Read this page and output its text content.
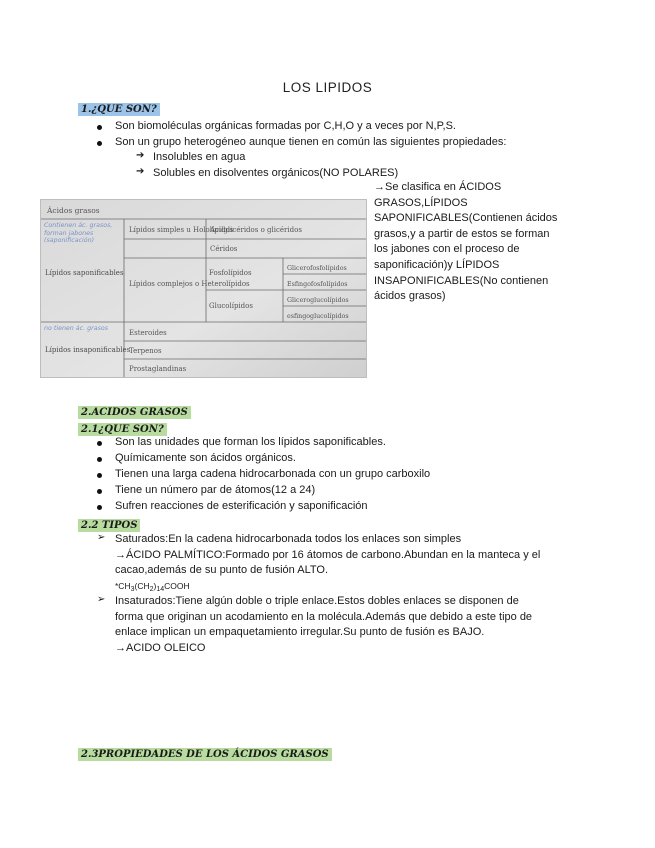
LOS LIPIDOS
1.¿QUE SON?
Son biomoléculas orgánicas formadas por C,H,O y a veces por N,P,S.
Son un grupo heterogéneo aunque tienen en común las siguientes propiedades:
➔ Insolubles en agua
➔ Solubles en disolventes orgánicos(NO POLARES)
→Se clasifica en ÁCIDOS
GRASOS,LÍPIDOS
SAPONIFICABLES(Contienen ácidos
grasos,y a partir de estos se forman
los jabones con el proceso de
saponificación)y LÍPIDOS
INSAPONIFICABLES(No contienen
ácidos grasos)
Ácidos grasos
Lípidos simples u Hololípidos
Acilglicéridos o glicéridos
Céridos
Lípidos complejos o Heterolípidos
Fosfolípidos
Glucolípidos
Glicerofosfolípidos
Esfingofosfolípidos
Gliceroglucolípidos
esfingoglucolípidos
Lípidos saponificables
Lípidos insaponificables
Esteroides
Terpenos
Prostaglandinas
Contienen ác. grasos, forman jabones (saponificación)
no tienen ác. grasos
2.ACIDOS GRASOS
2.1¿QUE SON?
Son las unidades que forman los lípidos saponificables.
Químicamente son ácidos orgánicos.
Tienen una larga cadena hidrocarbonada con un grupo carboxilo
Tiene un número par de átomos(12 a 24)
Sufren reacciones de esterificación y saponificación
2.2 TIPOS
➢ Saturados:En la cadena hidrocarbonada todos los enlaces son simples
→ÁCIDO PALMÍTICO:Formado por 16 átomos de carbono.Abundan en la manteca y el
cacao,además de su punto de fusión ALTO.
$*CH_3(CH_2)_{14}COOH$
➢ Insaturados:Tiene algún doble o triple enlace.Estos dobles enlaces se disponen de
forma que originan un acodamiento en la molécula.Además que debido a este tipo de
enlace implican un empaquetamiento irregular.Su punto de fusión es BAJO.
→ACIDO OLEICO
2.3PROPIEDADES DE LOS ÁCIDOS GRASOS
